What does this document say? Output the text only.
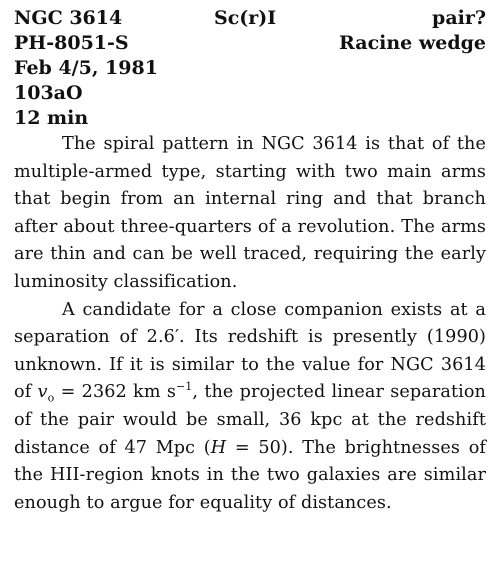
NGC 3614	Sc(r)I	pair?
PH-8051-S	Racine wedge
Feb 4/5, 1981
103aO
12 min

The spiral pattern in NGC 3614 is that of the multiple-armed type, starting with two main arms that begin from an internal ring and that branch after about three-quarters of a revolution. The arms are thin and can be well traced, requiring the early luminosity classification.

A candidate for a close companion exists at a separation of 2.6′. Its redshift is presently (1990) unknown. If it is similar to the value for NGC 3614 of $v_o = 2362$ km $s^{-1}$, the projected linear separation of the pair would be small, 36 kpc at the redshift distance of 47 Mpc (H = 50). The brightnesses of the HII-region knots in the two galaxies are similar enough to argue for equality of distances.
